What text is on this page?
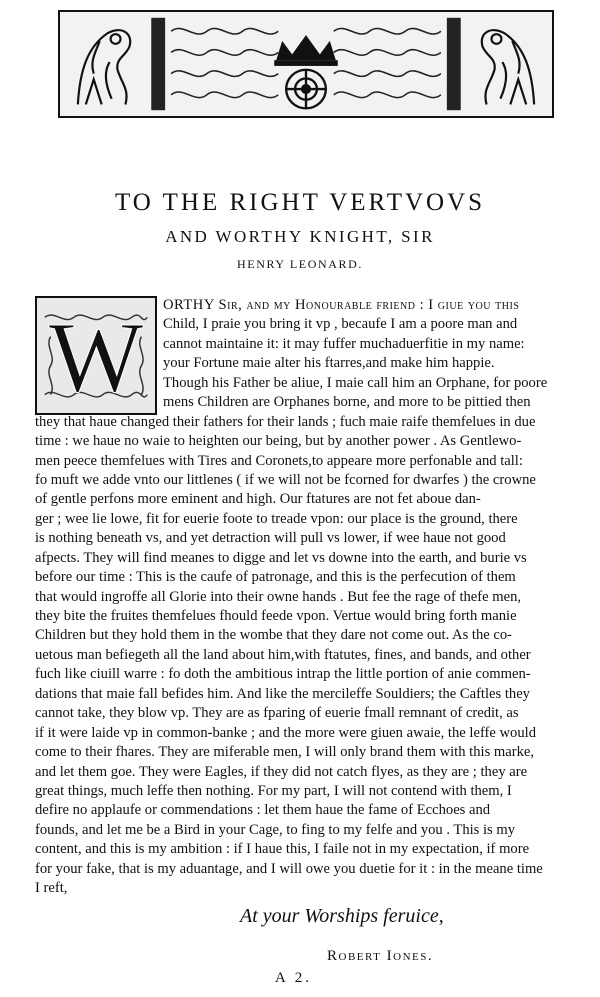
TO THE RIGHT VERTVOVS
AND WORTHY KNIGHT, SIR
HENRY LEONARD.
W	ORTHY Sir, and my Honourable friend : I giue you this
Child, I praie you bring it vp , becaufe I am a poore man and
cannot maintaine it: it may fuffer muchaduerfitie in my name:
your Fortune maie alter his ftarres,and make him happie.
Though his Father be aliue, I maie call him an Orphane, for poore
mens Children are Orphanes borne, and more to be pittied then
they that haue changed their fathers for their lands ; fuch maie raife themfelues in due
time : we haue no waie to heighten our being, but by another power . As Gentlewo-
men peece themfelues with Tires and Coronets,to appeare more perfonable and tall:
fo muft we adde vnto our littlenes ( if we will not be fcorned for dwarfes ) the crowne
of gentle perfons more eminent and high. Our ftatures are not fet aboue dan-
ger ; wee lie lowe, fit for euerie foote to treade vpon: our place is the ground, there
is nothing beneath vs, and yet detraction will pull vs lower, if wee haue not good
afpects. They will find meanes to digge and let vs downe into the earth, and burie vs
before our time : This is the caufe of patronage, and this is the perfecution of them
that would ingroffe all Glorie into their owne hands . But fee the rage of thefe men,
they bite the fruites themfelues fhould feede vpon. Vertue would bring forth manie
Children but they hold them in the wombe that they dare not come out. As the co-
uetous man befiegeth all the land about him,with ftatutes, fines, and bands, and other
fuch like ciuill warre : fo doth the ambitious intrap the little portion of anie commen-
dations that maie fall befides him. And like the mercileffe Souldiers; the Caftles they
cannot take, they blow vp. They are as fparing of euerie fmall remnant of credit, as
if it were laide vp in common-banke ; and the more were giuen awaie, the leffe would
come to their fhares. They are miferable men, I will only brand them with this marke,
and let them goe. They were Eagles, if they did not catch flyes, as they are ; they are
great things, much leffe then nothing. For my part, I will not contend with them, I
defire no applaufe or commendations : let them haue the fame of Ecchoes and
founds, and let me be a Bird in your Cage, to fing to my felfe and you . This is my
content, and this is my ambition : if I haue this, I faile not in my expectation, if more
for your fake, that is my aduantage, and I will owe you duetie for it : in the meane time
I reft,
At your Worships feruice,
Robert Iones.
A 2.
